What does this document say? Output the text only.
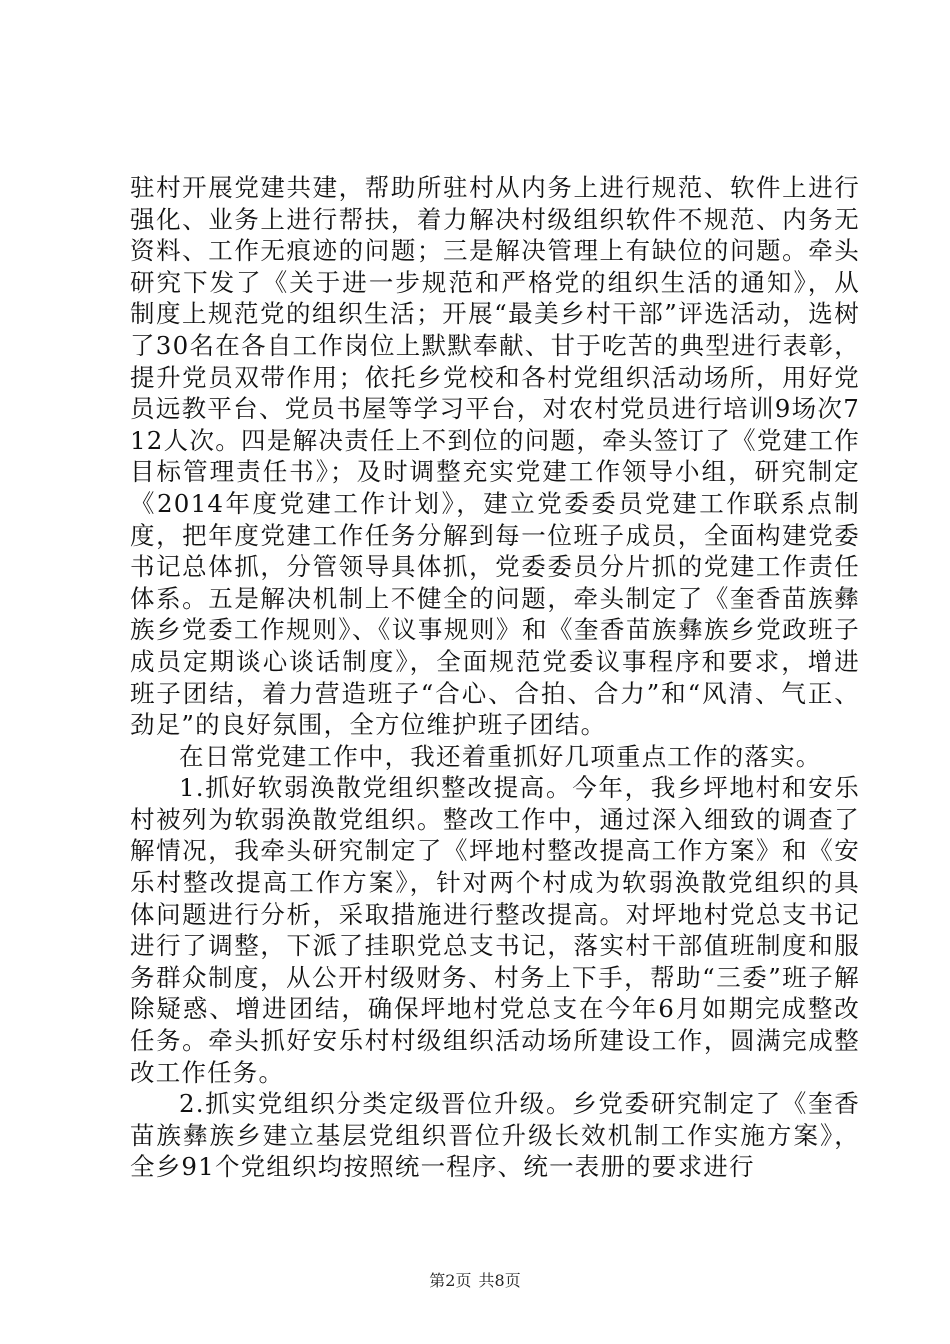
驻村开展党建共建，帮助所驻村从内务上进行规范、软件上进行强化、业务上进行帮扶，着力解决村级组织软件不规范、内务无资料、工作无痕迹的问题；三是解决管理上有缺位的问题。牵头研究下发了《关于进一步规范和严格党的组织生活的通知》，从制度上规范党的组织生活；开展“最美乡村干部”评选活动，选树了30名在各自工作岗位上默默奉献、甘于吃苦的典型进行表彰，提升党员双带作用；依托乡党校和各村党组织活动场所，用好党员远教平台、党员书屋等学习平台，对农村党员进行培训9场次712人次。四是解决责任上不到位的问题，牵头签订了《党建工作目标管理责任书》；及时调整充实党建工作领导小组，研究制定《2014年度党建工作计划》，建立党委委员党建工作联系点制度，把年度党建工作任务分解到每一位班子成员，全面构建党委书记总体抓，分管领导具体抓，党委委员分片抓的党建工作责任体系。五是解决机制上不健全的问题，牵头制定了《奎香苗族彝族乡党委工作规则》、《议事规则》和《奎香苗族彝族乡党政班子成员定期谈心谈话制度》，全面规范党委议事程序和要求，增进班子团结，着力营造班子“合心、合拍、合力”和“风清、气正、劲足”的良好氛围，全方位维护班子团结。

在日常党建工作中，我还着重抓好几项重点工作的落实。

1.抓好软弱涣散党组织整改提高。今年，我乡坪地村和安乐村被列为软弱涣散党组织。整改工作中，通过深入细致的调查了解情况，我牵头研究制定了《坪地村整改提高工作方案》和《安乐村整改提高工作方案》，针对两个村成为软弱涣散党组织的具体问题进行分析，采取措施进行整改提高。对坪地村党总支书记进行了调整，下派了挂职党总支书记，落实村干部值班制度和服务群众制度，从公开村级财务、村务上下手，帮助“三委”班子解除疑惑、增进团结，确保坪地村党总支在今年6月如期完成整改任务。牵头抓好安乐村村级组织活动场所建设工作，圆满完成整改工作任务。

2.抓实党组织分类定级晋位升级。乡党委研究制定了《奎香苗族彝族乡建立基层党组织晋位升级长效机制工作实施方案》，全乡91个党组织均按照统一程序、统一表册的要求进行

第2页 共8页
